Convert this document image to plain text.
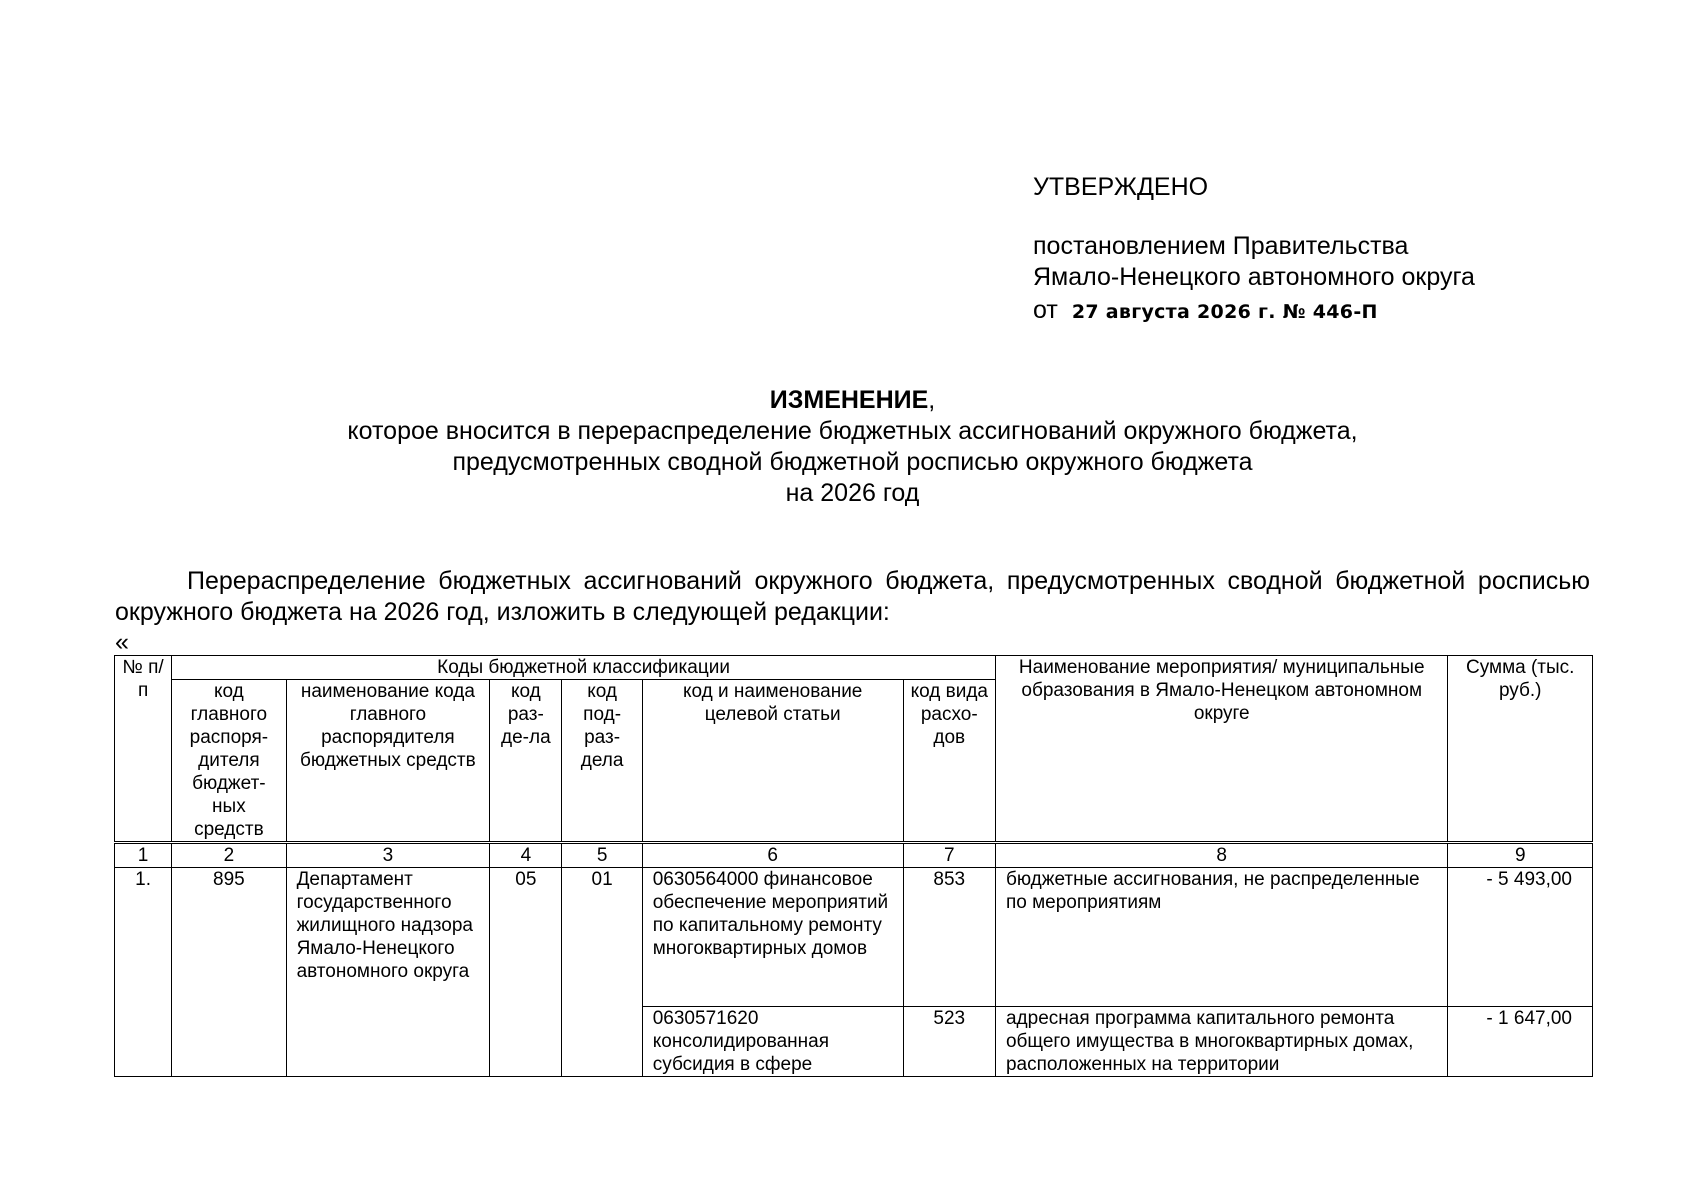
УТВЕРЖДЕНО
постановлением Правительства
Ямало-Ненецкого автономного округа
от 27 августа 2026 г. № 446-П
ИЗМЕНЕНИЕ,
которое вносится в перераспределение бюджетных ассигнований окружного бюджета,
предусмотренных сводной бюджетной росписью окружного бюджета
на 2026 год

Перераспределение бюджетных ассигнований окружного бюджета, предусмотренных сводной бюджетной росписью окружного бюджета на 2026 год, изложить в следующей редакции:

«
№ п/п	Коды бюджетной классификации						Наименование мероприятия/ муниципальные образования в Ямало-Ненецком автономном округе	Сумма (тыс. руб.)
	код главного распоря-дителя бюджет-ных средств	наименование кода главного распорядителя бюджетных средств	код раз-де-ла	код под-раз-дела	код и наименование целевой статьи	код вида расхо-дов		
1	2	3	4	5	6	7	8	9
1.	895	Департамент государственного жилищного надзора Ямало-Ненецкого автономного округа	05	01	0630564000 финансовое обеспечение мероприятий по капитальному ремонту многоквартирных домов	853	бюджетные ассигнования, не распределенные по мероприятиям	- 5 493,00
					0630571620 консолидированная субсидия в сфере	523	адресная программа капитального ремонта общего имущества в многоквартирных домах, расположенных на территории	- 1 647,00
